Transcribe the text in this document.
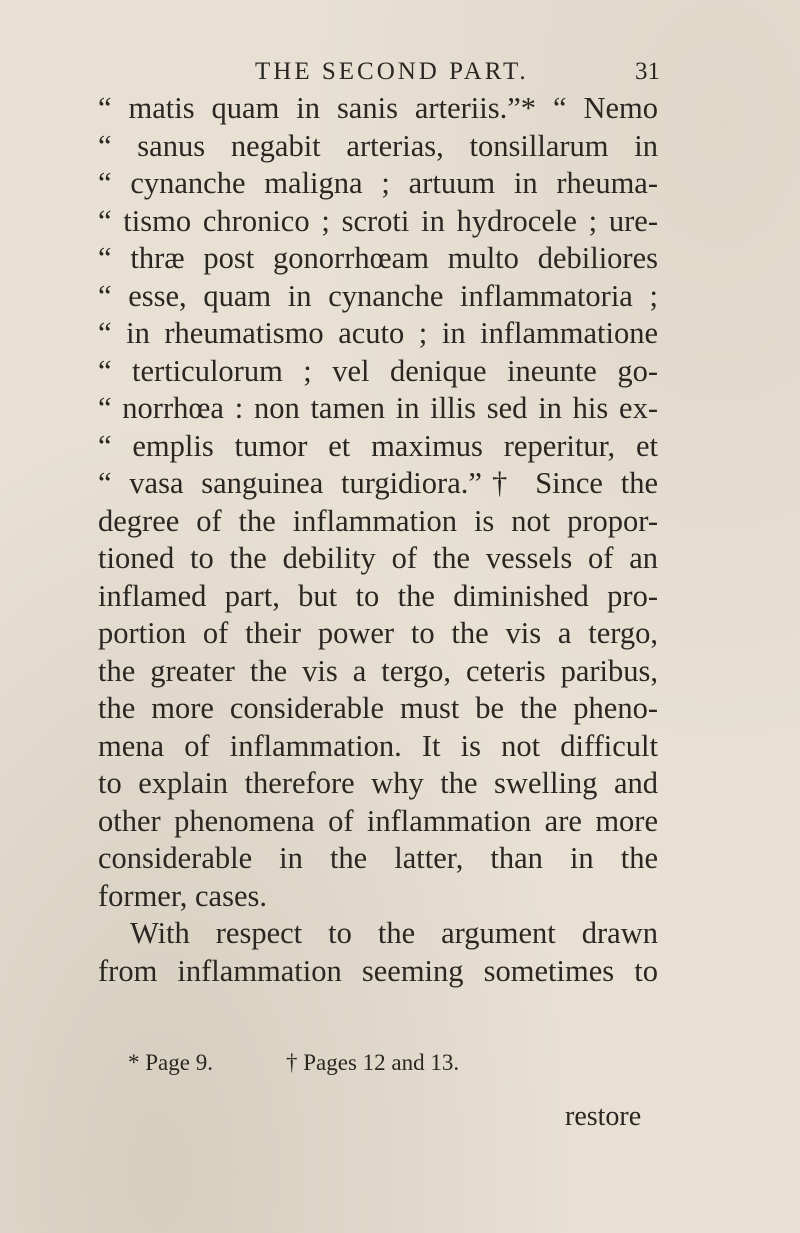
THE SECOND PART.	31
“ matis quam in sanis arteriis.”* “ Nemo
“ sanus negabit arterias, tonsillarum in
“ cynanche maligna ; artuum in rheuma-
“ tismo chronico ; scroti in hydrocele ; ure-
“ thræ post gonorrhœam multo debiliores
“ esse, quam in cynanche inflammatoria ;
“ in rheumatismo acuto ; in inflammatione
“ terticulorum ; vel denique ineunte go-
“ norrhœa : non tamen in illis sed in his ex-
“ emplis tumor et maximus reperitur, et
“ vasa sanguinea turgidiora.”† Since the
degree of the inflammation is not propor-
tioned to the debility of the vessels of an
inflamed part, but to the diminished pro-
portion of their power to the vis a tergo,
the greater the vis a tergo, ceteris paribus,
the more considerable must be the pheno-
mena of inflammation. It is not difficult
to explain therefore why the swelling and
other phenomena of inflammation are more
considerable in the latter, than in the
former, cases.
With respect to the argument drawn
from inflammation seeming sometimes to
* Page 9.	† Pages 12 and 13.
restore
